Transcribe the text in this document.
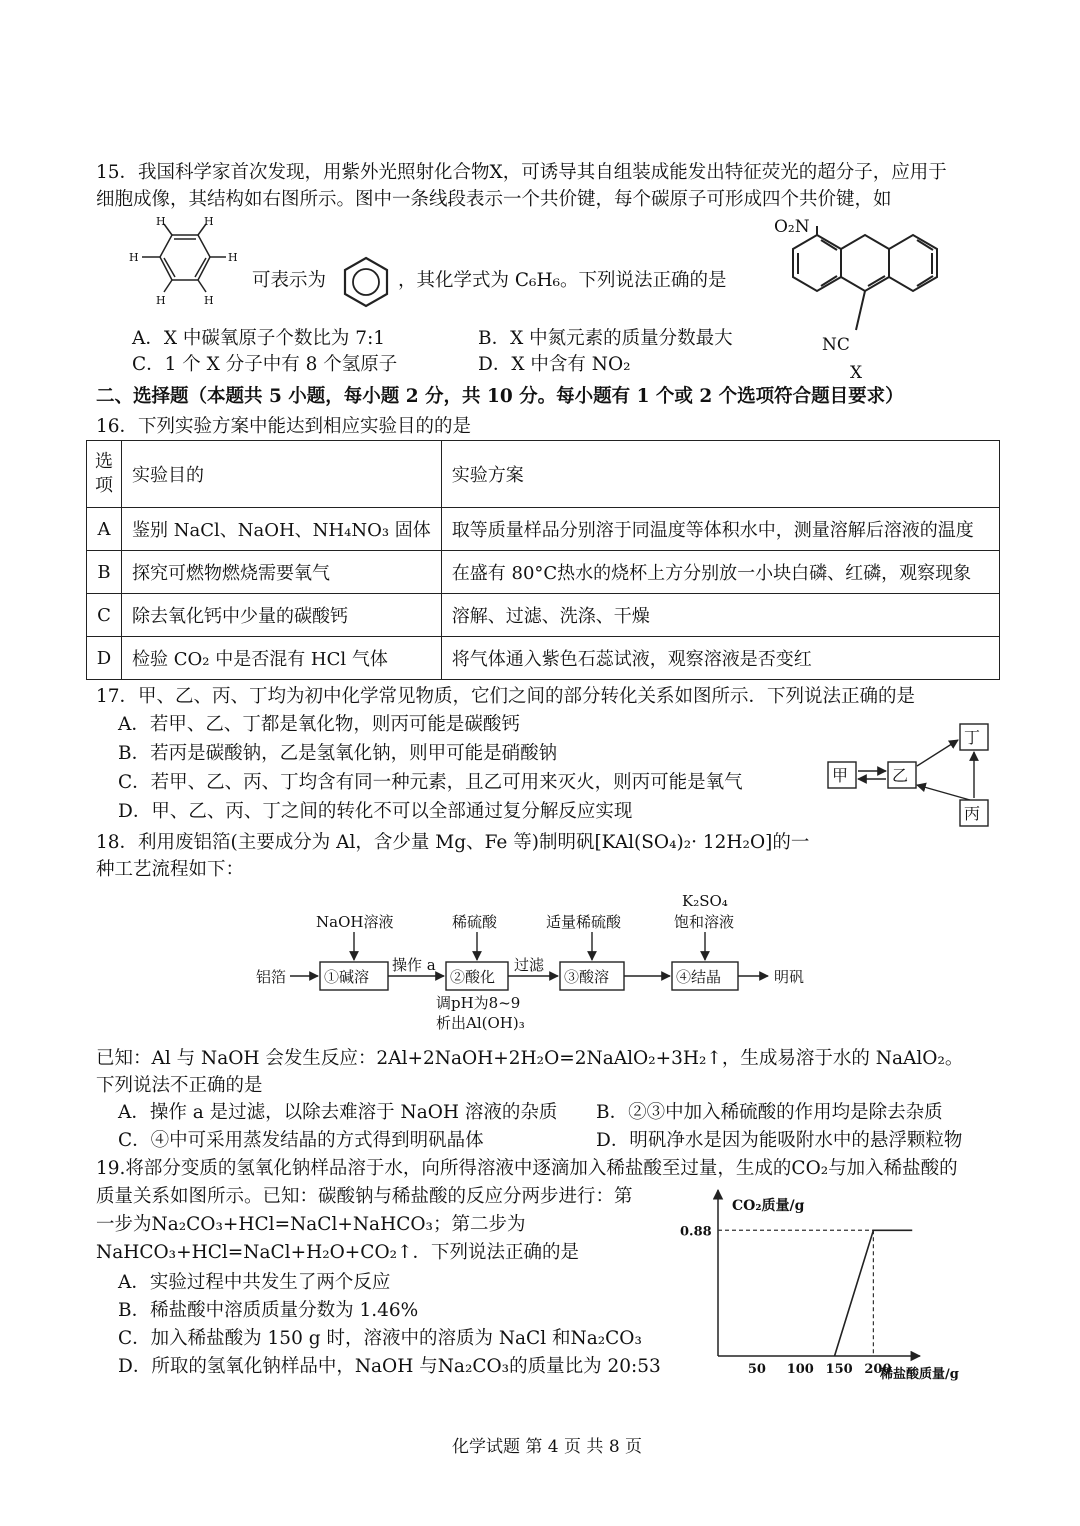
15．我国科学家首次发现，用紫外光照射化合物X，可诱导其自组装成能发出特征荧光的超分子，应用于
细胞成像，其结构如右图所示。图中一条线段表示一个共价键，每个碳原子可形成四个共价键，如
H	H
H
H
H
H
可表示为	，其化学式为 C₆H₆。下列说法正确的是
O₂N
NC
X
A．X 中碳氧原子个数比为 7:1	B．X 中氮元素的质量分数最大
C．1 个 X 分子中有 8 个氢原子	D．X 中含有 NO₂
二、选择题（本题共 5 小题，每小题 2 分，共 10 分。每小题有 1 个或 2 个选项符合题目要求）
16．下列实验方案中能达到相应实验目的的是
选
项	实验目的	实验方案
A	鉴别 NaCl、NaOH、NH₄NO₃ 固体	取等质量样品分别溶于同温度等体积水中，测量溶解后溶液的温度
B	探究可燃物燃烧需要氧气	在盛有 80°C热水的烧杯上方分别放一小块白磷、红磷，观察现象
C	除去氧化钙中少量的碳酸钙	溶解、过滤、洗涤、干燥
D	检验 CO₂ 中是否混有 HCl 气体	将气体通入紫色石蕊试液，观察溶液是否变红
17．甲、乙、丙、丁均为初中化学常见物质，它们之间的部分转化关系如图所示．下列说法正确的是
A．若甲、乙、丁都是氧化物，则丙可能是碳酸钙
B．若丙是碳酸钠，乙是氢氧化钠，则甲可能是硝酸钠
C．若甲、乙、丙、丁均含有同一种元素，且乙可用来灭火，则丙可能是氧气
D．甲、乙、丙、丁之间的转化不可以全部通过复分解反应实现
甲	乙
丁
丙
18．利用废铝箔(主要成分为 Al，含少量 Mg、Fe 等)制明矾[KAl(SO₄)₂· 12H₂O]的一
种工艺流程如下：
铝箔	①碱溶	②酸化	③酸溶	④结晶	明矾
NaOH溶液	稀硫酸	适量稀硫酸
K₂SO₄
饱和溶液
操作 a	过滤
调pH为8~9
析出Al(OH)₃
已知：Al 与 NaOH 会发生反应：2Al+2NaOH+2H₂O=2NaAlO₂+3H₂↑，生成易溶于水的 NaAlO₂。
下列说法不正确的是
A．操作 a 是过滤，以除去难溶于 NaOH 溶液的杂质 B．②③中加入稀硫酸的作用均是除去杂质
C．④中可采用蒸发结晶的方式得到明矾晶体	D．明矾净水是因为能吸附水中的悬浮颗粒物
19.将部分变质的氢氧化钠样品溶于水，向所得溶液中逐滴加入稀盐酸至过量，生成的CO₂与加入稀盐酸的
质量关系如图所示。已知：碳酸钠与稀盐酸的反应分两步进行：第
一步为Na₂CO₃+HCl=NaCl+NaHCO₃；第二步为
NaHCO₃+HCl=NaCl+H₂O+CO₂↑．下列说法正确的是
A．实验过程中共发生了两个反应
B．稀盐酸中溶质质量分数为 1.46%
C．加入稀盐酸为 150 g 时，溶液中的溶质为 NaCl 和Na₂CO₃
D．所取的氢氧化钠样品中，NaOH 与Na₂CO₃的质量比为 20:53
CO₂质量/g
稀盐酸质量/g
50 100 150 200
0.88
化学试题 第 4 页 共 8 页
